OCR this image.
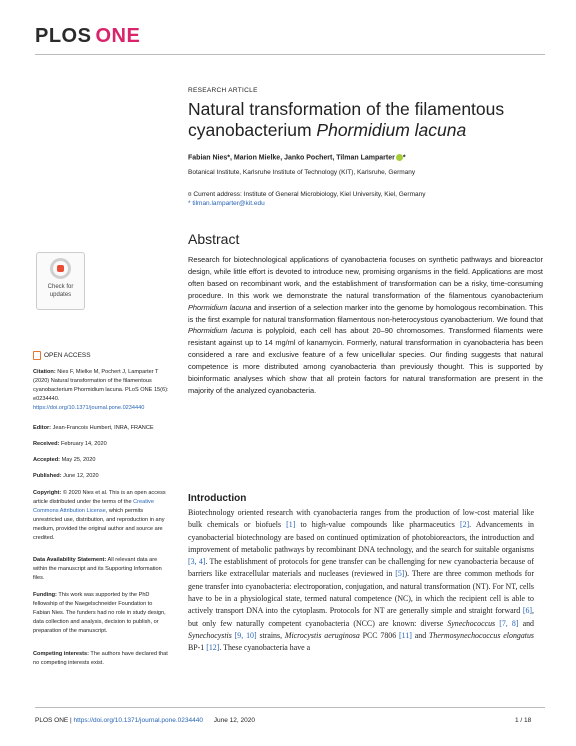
PLOS ONE
RESEARCH ARTICLE
Natural transformation of the filamentous cyanobacterium Phormidium lacuna
Fabian Nies*, Marion Mielke, Janko Pochert, Tilman Lamparter *
Botanical Institute, Karlsruhe Institute of Technology (KIT), Karlsruhe, Germany
¤ Current address: Institute of General Microbiology, Kiel University, Kiel, Germany
* tilman.lamparter@kit.edu
Abstract
Research for biotechnological applications of cyanobacteria focuses on synthetic pathways and bioreactor design, while little effort is devoted to introduce new, promising organisms in the field. Applications are most often based on recombinant work, and the establishment of transformation can be a risky, time-consuming procedure. In this work we demonstrate the natural transformation of the filamentous cyanobacterium Phormidium lacuna and insertion of a selection marker into the genome by homologous recombination. This is the first example for natural transformation filamentous non-heterocystous cyanobacterium. We found that Phormidium lacuna is polyploid, each cell has about 20–90 chromosomes. Transformed filaments were resistant against up to 14 mg/ml of kanamycin. Formerly, natural transformation in cyanobacteria has been considered a rare and exclusive feature of a few unicellular species. Our finding suggests that natural competence is more distributed among cyanobacteria than previously thought. This is supported by bioinformatic analyses which show that all protein factors for natural transformation are present in the majority of the analyzed cyanobacteria.
Check for
updates
OPEN ACCESS
Citation: Nies F, Mielke M, Pochert J, Lamparter T (2020) Natural transformation of the filamentous cyanobacterium Phormidium lacuna. PLoS ONE 15(6): e0234440. https://doi.org/10.1371/journal.pone.0234440
Editor: Jean-Francois Humbert, INRA, FRANCE
Received: February 14, 2020
Accepted: May 25, 2020
Published: June 12, 2020
Copyright: © 2020 Nies et al. This is an open access article distributed under the terms of the Creative Commons Attribution License, which permits unrestricted use, distribution, and reproduction in any medium, provided the original author and source are credited.
Data Availability Statement: All relevant data are within the manuscript and its Supporting Information files.
Funding: This work was supported by the PhD fellowship of the Naegelschneider Foundation to Fabian Nies. The funders had no role in study design, data collection and analysis, decision to publish, or preparation of the manuscript.
Competing interests: The authors have declared that no competing interests exist.
Introduction
Biotechnology oriented research with cyanobacteria ranges from the production of low-cost material like bulk chemicals or biofuels [1] to high-value compounds like pharmaceutics [2]. Advancements in cyanobacterial biotechnology are based on continued optimization of photobioreactors, the introduction and improvement of metabolic pathways by recombinant DNA technology, and the search for suitable organisms [3, 4]. The establishment of protocols for gene transfer can be challenging for new cyanobacteria because of barriers like extracellular materials and nucleases (reviewed in [5]). There are three common methods for gene transfer into cyanobacteria: electroporation, conjugation, and natural transformation (NT). For NT, cells have to be in a physiological state, termed natural competence (NC), in which the recipient cell is able to actively transport DNA into the cytoplasm. Protocols for NT are generally simple and straight forward [6], but only few naturally competent cyanobacteria (NCC) are known: diverse Synechococcus [7, 8] and Synechocystis [9, 10] strains, Microcystis aeruginosa PCC 7806 [11] and Thermosynechococcus elongatus BP-1 [12]. These cyanobacteria have a
PLOS ONE | https://doi.org/10.1371/journal.pone.0234440 June 12, 2020	1 / 18
